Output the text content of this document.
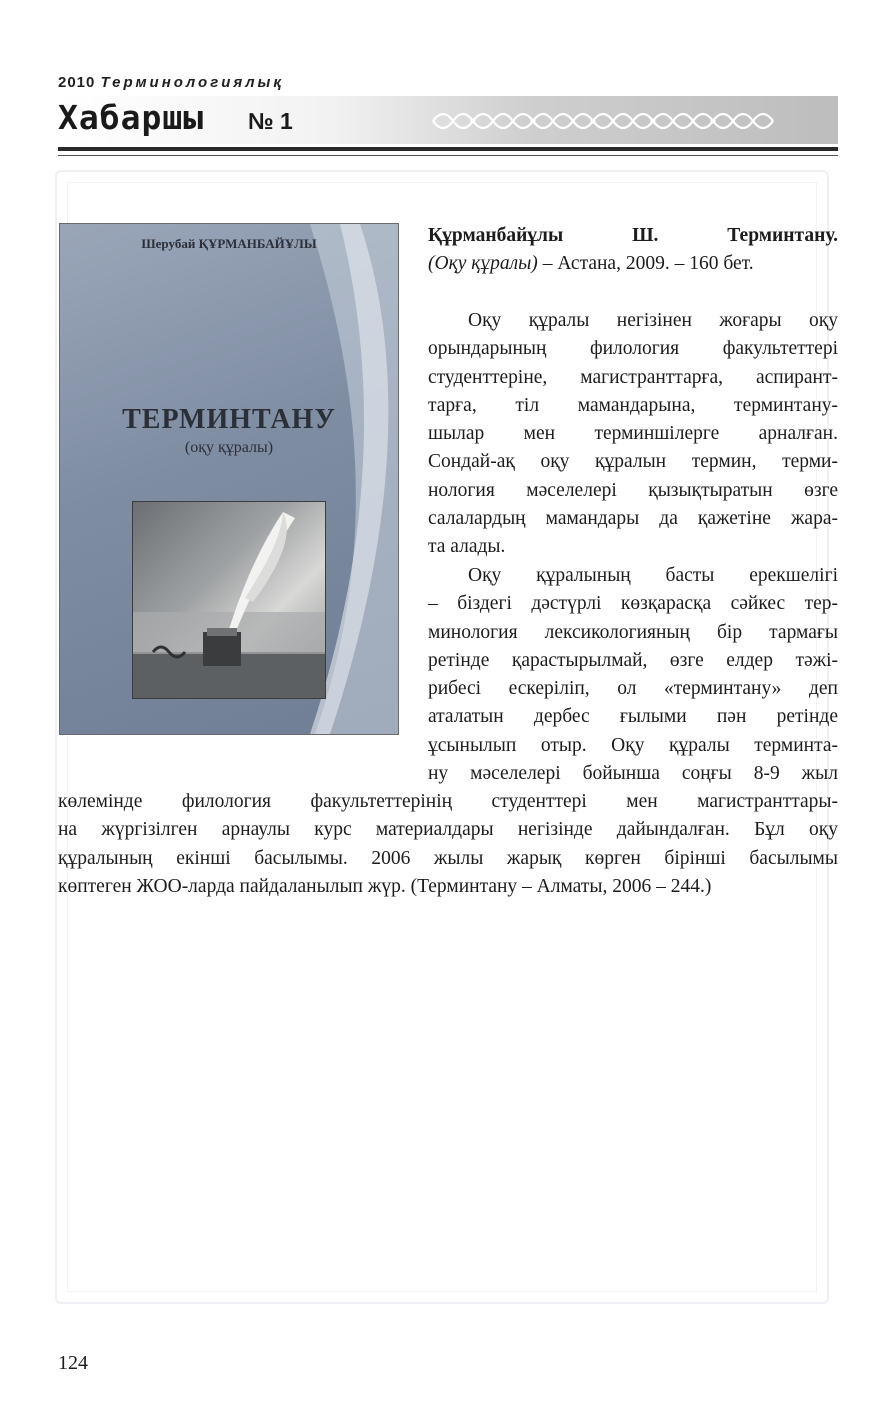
2010 Терминологиялық
Хабаршы № 1
Шерубай ҚҰРМАНБАЙҰЛЫ
ТЕРМИНТАНУ
(оқу құралы)
Құрманбайұлы Ш. Терминтану.
(Оқу құралы) – Астана, 2009. – 160 бет.
Оқу құралы негізінен жоғары оқу
орындарының филология факультеттері
студенттеріне, магистранттарға, аспирант-
тарға, тіл мамандарына, терминтану-
шылар мен терминшілерге арналған.
Сондай-ақ оқу құралын термин, терми-
нология мәселелері қызықтыратын өзге
салалардың мамандары да қажетіне жара-
та алады.
Оқу құралының басты ерекшелігі
– біздегі дәстүрлі көзқарасқа сәйкес тер-
минология лексикологияның бір тармағы
ретінде қарастырылмай, өзге елдер тәжі-
рибесі ескеріліп, ол «терминтану» деп
аталатын дербес ғылыми пән ретінде
ұсынылып отыр. Оқу құралы терминта-
ну мәселелері бойынша соңғы 8-9 жыл
көлемінде филология факультеттерінің студенттері мен магистранттары-
на жүргізілген арнаулы курс материалдары негізінде дайындалған. Бұл оқу
құралының екінші басылымы. 2006 жылы жарық көрген бірінші басылымы
көптеген ЖОО-ларда пайдаланылып жүр. (Терминтану – Алматы, 2006 – 244.)
124
